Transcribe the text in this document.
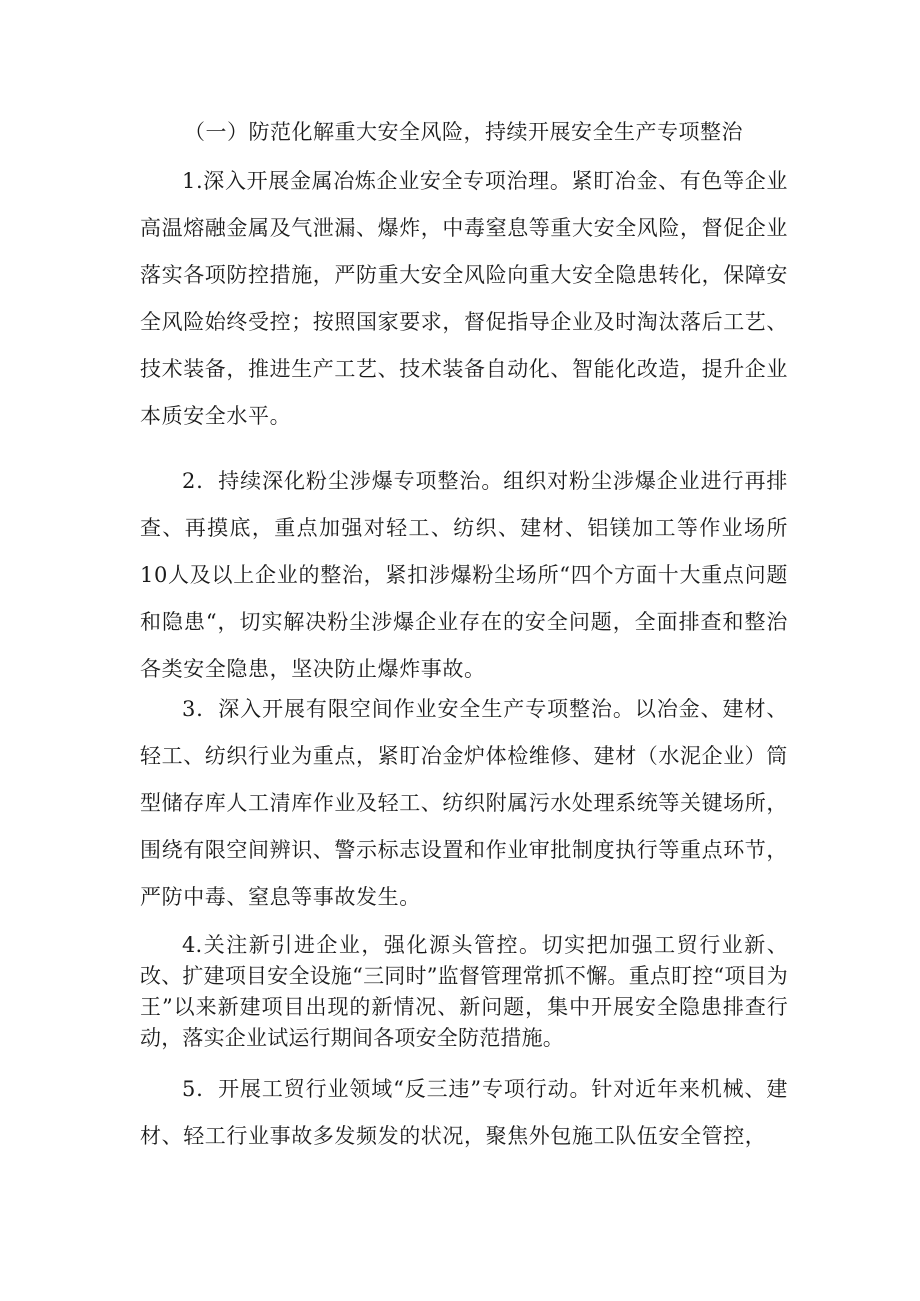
（一）防范化解重大安全风险，持续开展安全生产专项整治

1.深入开展金属冶炼企业安全专项治理。紧盯冶金、有色等企业高温熔融金属及气泄漏、爆炸，中毒窒息等重大安全风险，督促企业落实各项防控措施，严防重大安全风险向重大安全隐患转化，保障安全风险始终受控；按照国家要求，督促指导企业及时淘汰落后工艺、技术装备，推进生产工艺、技术装备自动化、智能化改造，提升企业本质安全水平。

2．持续深化粉尘涉爆专项整治。组织对粉尘涉爆企业进行再排查、再摸底，重点加强对轻工、纺织、建材、铝镁加工等作业场所10人及以上企业的整治，紧扣涉爆粉尘场所“四个方面十大重点问题和隐患“，切实解决粉尘涉爆企业存在的安全问题，全面排查和整治各类安全隐患，坚决防止爆炸事故。

3．深入开展有限空间作业安全生产专项整治。以冶金、建材、轻工、纺织行业为重点，紧盯冶金炉体检维修、建材（水泥企业）筒型储存库人工清库作业及轻工、纺织附属污水处理系统等关键场所，围绕有限空间辨识、警示标志设置和作业审批制度执行等重点环节，严防中毒、窒息等事故发生。

4.关注新引进企业，强化源头管控。切实把加强工贸行业新、改、扩建项目安全设施“三同时”监督管理常抓不懈。重点盯控“项目为王”以来新建项目出现的新情况、新问题，集中开展安全隐患排查行动，落实企业试运行期间各项安全防范措施。

5．开展工贸行业领域“反三违”专项行动。针对近年来机械、建材、轻工行业事故多发频发的状况，聚焦外包施工队伍安全管控，
